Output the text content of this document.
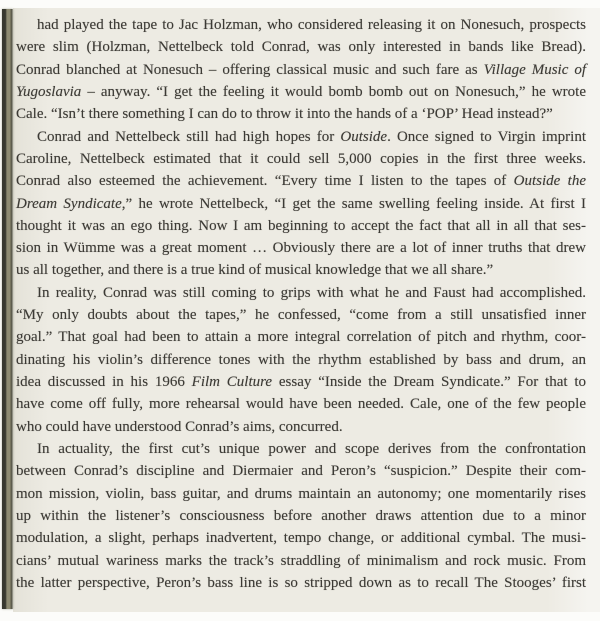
had played the tape to Jac Holzman, who considered releasing it on Nonesuch, prospects
were slim (Holzman, Nettelbeck told Conrad, was only interested in bands like Bread).
Conrad blanched at Nonesuch – offering classical music and such fare as Village Music of
Yugoslavia – anyway. “I get the feeling it would bomb bomb out on Nonesuch,” he wrote
Cale. “Isn’t there something I can do to throw it into the hands of a ‘POP’ Head instead?”
Conrad and Nettelbeck still had high hopes for Outside. Once signed to Virgin imprint
Caroline, Nettelbeck estimated that it could sell 5,000 copies in the first three weeks.
Conrad also esteemed the achievement. “Every time I listen to the tapes of Outside the
Dream Syndicate,” he wrote Nettelbeck, “I get the same swelling feeling inside. At first I
thought it was an ego thing. Now I am beginning to accept the fact that all in all that ses-
sion in Wümme was a great moment … Obviously there are a lot of inner truths that drew
us all together, and there is a true kind of musical knowledge that we all share.”
In reality, Conrad was still coming to grips with what he and Faust had accomplished.
“My only doubts about the tapes,” he confessed, “come from a still unsatisfied inner
goal.” That goal had been to attain a more integral correlation of pitch and rhythm, coor-
dinating his violin’s difference tones with the rhythm established by bass and drum, an
idea discussed in his 1966 Film Culture essay “Inside the Dream Syndicate.” For that to
have come off fully, more rehearsal would have been needed. Cale, one of the few people
who could have understood Conrad’s aims, concurred.
In actuality, the first cut’s unique power and scope derives from the confrontation
between Conrad’s discipline and Diermaier and Peron’s “suspicion.” Despite their com-
mon mission, violin, bass guitar, and drums maintain an autonomy; one momentarily rises
up within the listener’s consciousness before another draws attention due to a minor
modulation, a slight, perhaps inadvertent, tempo change, or additional cymbal. The musi-
cians’ mutual wariness marks the track’s straddling of minimalism and rock music. From
the latter perspective, Peron’s bass line is so stripped down as to recall The Stooges’ first
